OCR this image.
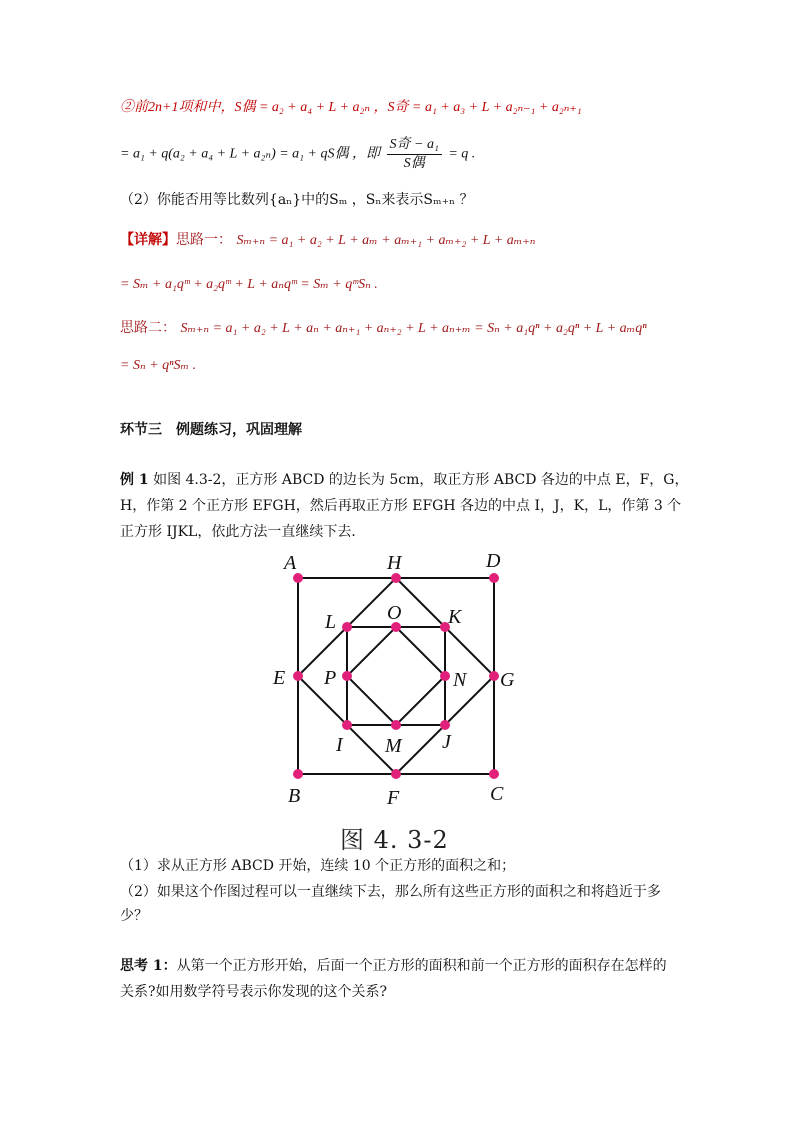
②前2n+1项和中，S偶 = a₂ + a₄ + L + a₂ₙ ，S奇 = a₁ + a₃ + L + a₂ₙ₋₁ + a₂ₙ₊₁
= a₁ + q(a₂ + a₄ + L + a₂ₙ) = a₁ + qS偶 ，即 $\frac{\text{S奇 − a₁}}{\text{S偶}} = q$ .
（2）你能否用等比数列{aₙ}中的Sₘ ，Sₙ来表示Sₘ₊ₙ ？
【详解】思路一： Sₘ₊ₙ = a₁ + a₂ + L + aₘ + aₘ₊₁ + aₘ₊₂ + L + aₘ₊ₙ
= Sₘ + a₁qᵐ + a₂qᵐ + L + aₙqᵐ = Sₘ + qᵐSₙ .
思路二： Sₘ₊ₙ = a₁ + a₂ + L + aₙ + aₙ₊₁ + aₙ₊₂ + L + aₙ₊ₘ = Sₙ + a₁qⁿ + a₂qⁿ + L + aₘqⁿ
= Sₙ + qⁿSₘ .
环节三　例题练习，巩固理解
例 1 如图 4.3-2，正方形 ABCD 的边长为 5cm，取正方形 ABCD 各边的中点 E，F，G，
H，作第 2 个正方形 EFGH，然后再取正方形 EFGH 各边的中点 I，J，K，L，作第 3 个
正方形 IJKL，依此方法一直继续下去．
A	H	D
L	O K
E P	N G
I M J
B	F	C
图 4. 3-2
（1）求从正方形 ABCD 开始，连续 10 个正方形的面积之和；
（2）如果这个作图过程可以一直继续下去，那么所有这些正方形的面积之和将趋近于多
少？
思考 1：从第一个正方形开始，后面一个正方形的面积和前一个正方形的面积存在怎样的
关系?如用数学符号表示你发现的这个关系?
